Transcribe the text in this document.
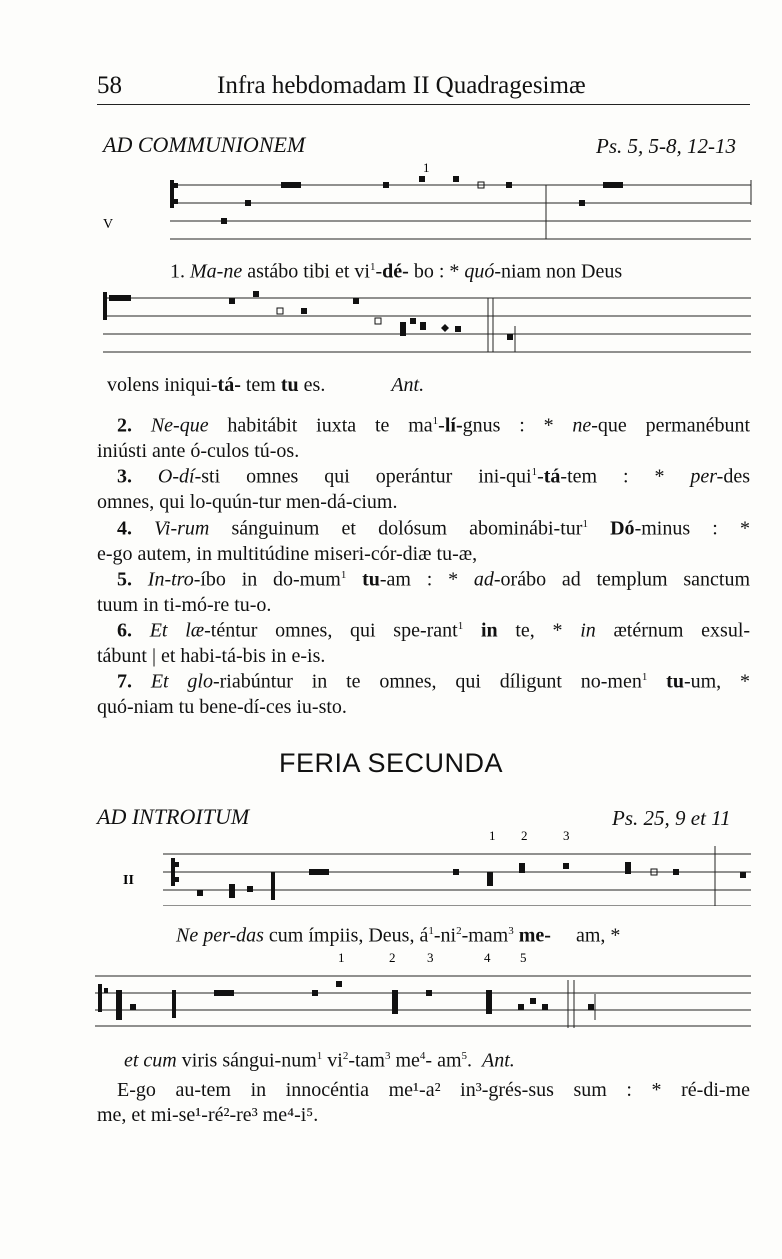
58	Infra hebdomadam II Quadragesimæ
AD COMMUNIONEM	Ps. 5, 5-8, 12-13
V
1
1. Ma-ne astábo tibi et $vi^1-dé-$ bo : * quó-niam non Deus
volens iniqui-tá- tem tu es.	Ant.
2. Ne-que habitábit iuxta te $ma^1-lí$-gnus : * ne-que permanébunt
iniústi ante ó-culos tú-os.
3. O-dí-sti omnes qui operántur ini-qui$^1$-tá-tem : * per-des
omnes, qui lo-quún-tur men-dá-cium.
4. Vi-rum sánguinum et dolósum abominábi-tur$^1$ Dó-minus : *
e-go autem, in multitúdine miseri-cór-diæ tu-æ,
5. In-tro-íbo in do-mum$^1$ tu-am : * ad-orábo ad templum sanctum
tuum in ti-mó-re tu-o.
6. Et læ-téntur omnes, qui spe-rant$^1$ in te, * in ætérnum exsul-
tábunt | et habi-tá-bis in e-is.
7. Et glo-riabúntur in te omnes, qui díligunt no-men$^1$ tu-um, *
quó-niam tu bene-dí-ces iu-sto.
FERIA SECUNDA
AD INTROITUM	Ps. 25, 9 et 11
II
1 2	3
Ne per-das cum ímpiis, Deus, $á^1-ni^2-mam^3$ me-     am, *
1	2 3	4 5
et cum viris sángui-num$^1$ $vi^2-tam^3$ $me^4-$ $am^5$.  Ant.
E-go au-tem in innocéntia me¹-a² in³-grés-sus sum : * ré-di-me
me, et mi-se¹-ré²-re³ me⁴-i⁵.
